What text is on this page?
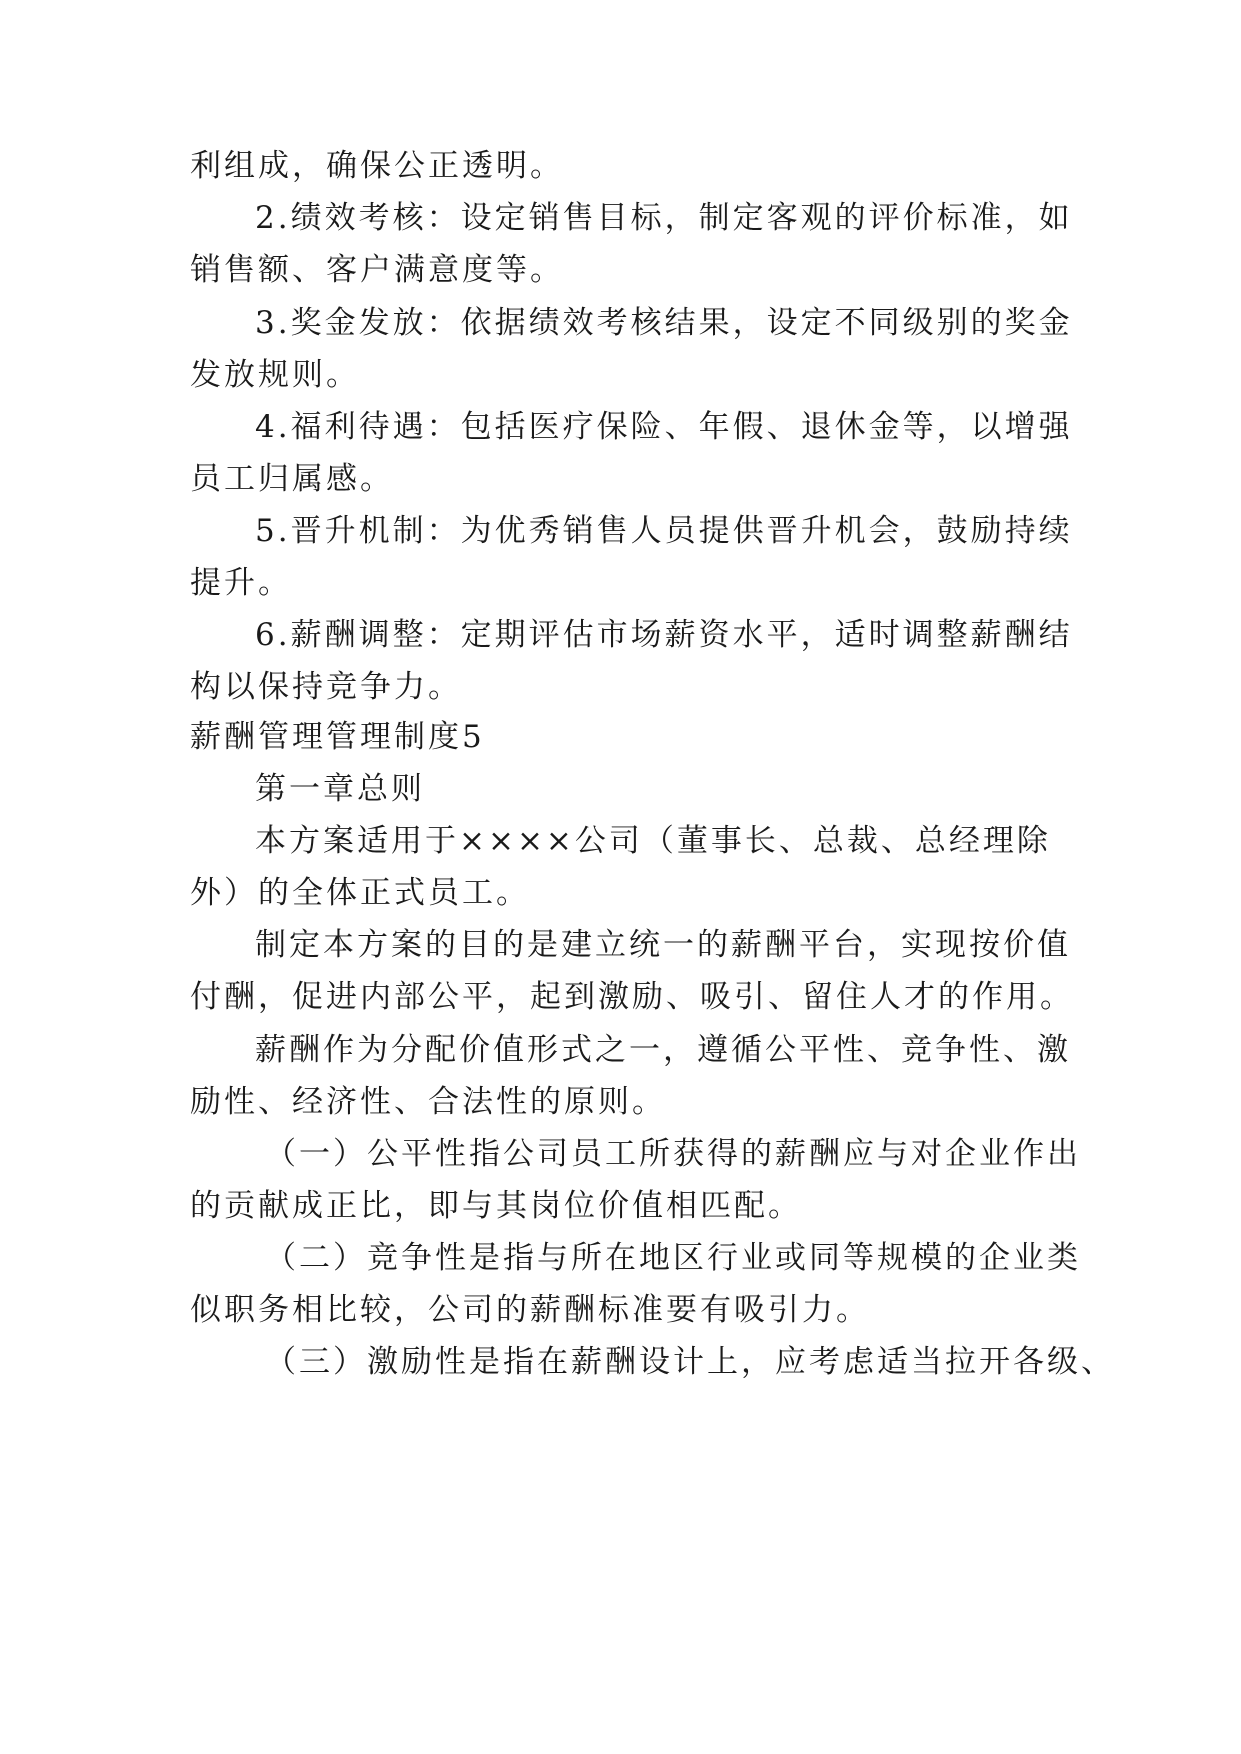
利组成，确保公正透明。
2.绩效考核：设定销售目标，制定客观的评价标准，如
销售额、客户满意度等。
3.奖金发放：依据绩效考核结果，设定不同级别的奖金
发放规则。
4.福利待遇：包括医疗保险、年假、退休金等，以增强
员工归属感。
5.晋升机制：为优秀销售人员提供晋升机会，鼓励持续
提升。
6.薪酬调整：定期评估市场薪资水平，适时调整薪酬结
构以保持竞争力。
薪酬管理管理制度5
第一章总则
本方案适用于××××公司（董事长、总裁、总经理除
外）的全体正式员工。
制定本方案的目的是建立统一的薪酬平台，实现按价值
付酬，促进内部公平，起到激励、吸引、留住人才的作用。
薪酬作为分配价值形式之一，遵循公平性、竞争性、激
励性、经济性、合法性的原则。
（一）公平性指公司员工所获得的薪酬应与对企业作出
的贡献成正比，即与其岗位价值相匹配。
（二）竞争性是指与所在地区行业或同等规模的企业类
似职务相比较，公司的薪酬标准要有吸引力。
（三）激励性是指在薪酬设计上，应考虑适当拉开各级、
